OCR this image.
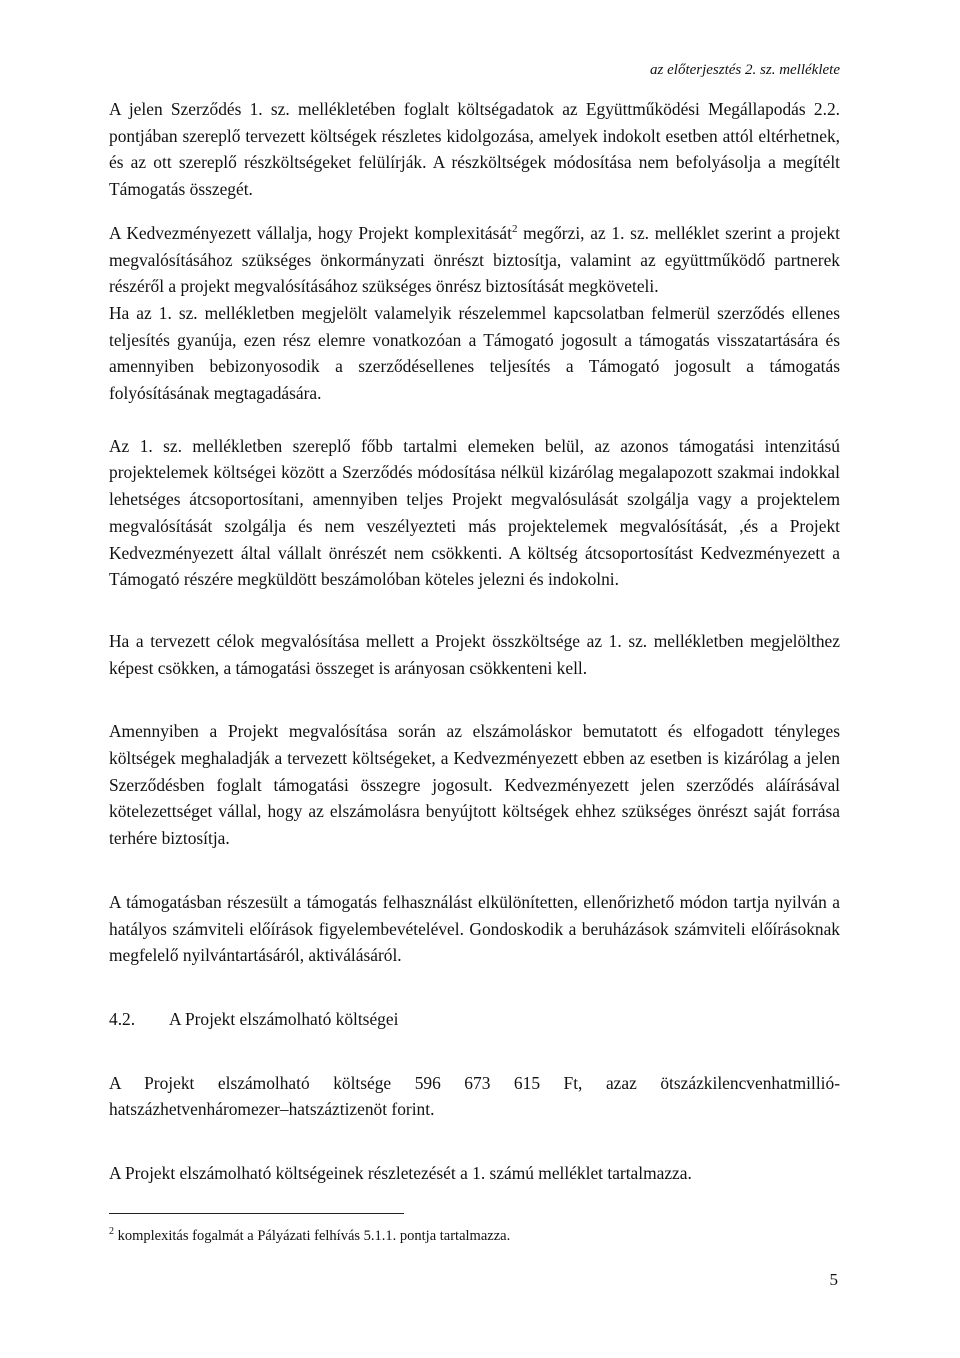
az előterjesztés 2. sz. melléklete

A jelen Szerződés 1. sz. mellékletében foglalt költségadatok az Együttműködési Megállapodás 2.2. pontjában szereplő tervezett költségek részletes kidolgozása, amelyek indokolt esetben attól eltérhetnek, és az ott szereplő részköltségeket felülírják. A részköltségek módosítása nem befolyásolja a megítélt Támogatás összegét.

A Kedvezményezett vállalja, hogy Projekt komplexitását$^2$ megőrzi, az 1. sz. melléklet szerint a projekt megvalósításához szükséges önkormányzati önrészt biztosítja, valamint az együttműködő partnerek részéről a projekt megvalósításához szükséges önrész biztosítását megköveteli.

Ha az 1. sz. mellékletben megjelölt valamelyik részelemmel kapcsolatban felmerül szerződés ellenes teljesítés gyanúja, ezen rész elemre vonatkozóan a Támogató jogosult a támogatás visszatartására és amennyiben bebizonyosodik a szerződésellenes teljesítés a Támogató jogosult a támogatás folyósításának megtagadására.

Az 1. sz. mellékletben szereplő főbb tartalmi elemeken belül, az azonos támogatási intenzitású projektelemek költségei között a Szerződés módosítása nélkül kizárólag megalapozott szakmai indokkal lehetséges átcsoportosítani, amennyiben teljes Projekt megvalósulását szolgálja vagy a projektelem megvalósítását szolgálja és nem veszélyezteti más projektelemek megvalósítását, ,és a Projekt Kedvezményezett által vállalt önrészét nem csökkenti. A költség átcsoportosítást Kedvezményezett a Támogató részére megküldött beszámolóban köteles jelezni és indokolni.

Ha a tervezett célok megvalósítása mellett a Projekt összköltsége az 1. sz. mellékletben megjelölthez képest csökken, a támogatási összeget is arányosan csökkenteni kell.

Amennyiben a Projekt megvalósítása során az elszámoláskor bemutatott és elfogadott tényleges költségek meghaladják a tervezett költségeket, a Kedvezményezett ebben az esetben is kizárólag a jelen Szerződésben foglalt támogatási összegre jogosult. Kedvezményezett jelen szerződés aláírásával kötelezettséget vállal, hogy az elszámolásra benyújtott költségek ehhez szükséges önrészt saját forrása terhére biztosítja.

A támogatásban részesült a támogatás felhasználást elkülönítetten, ellenőrizhető módon tartja nyilván a hatályos számviteli előírások figyelembevételével. Gondoskodik a beruházások számviteli előírásoknak megfelelő nyilvántartásáról, aktiválásáról.

4.2.	A Projekt elszámolható költségei

A Projekt elszámolható költsége 596 673 615 Ft, azaz ötszázkilencvenhatmillió-hatszázhetvenháromezer–hatszáztizenöt forint.

A Projekt elszámolható költségeinek részletezését a 1. számú melléklet tartalmazza.

$^2$ komplexitás fogalmát a Pályázati felhívás 5.1.1. pontja tartalmazza.
5
